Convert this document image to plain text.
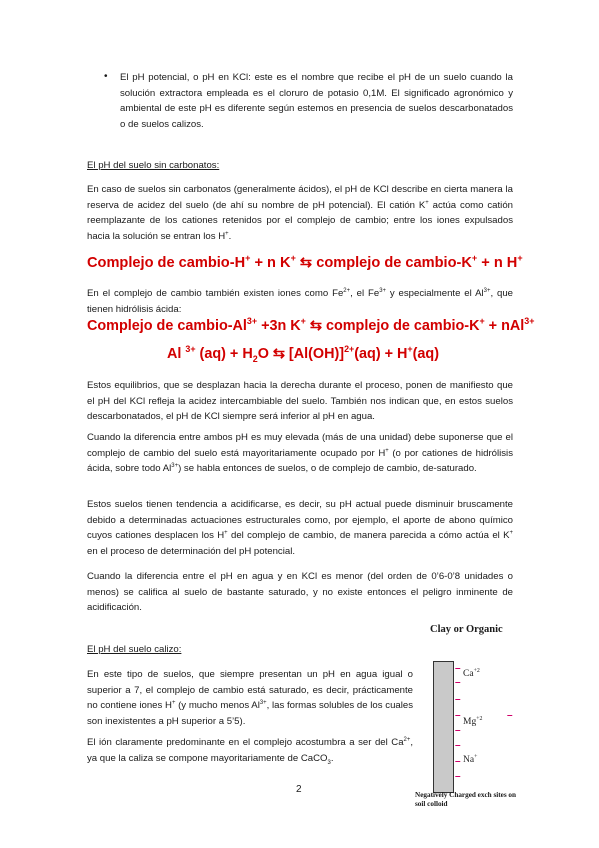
• El pH potencial, o pH en KCl: este es el nombre que recibe el pH de un suelo cuando la solución extractora empleada es el cloruro de potasio 0,1M. El significado agronómico y ambiental de este pH es diferente según estemos en presencia de suelos descarbonatados o de suelos calizos.

El pH del suelo sin carbonatos:

En caso de suelos sin carbonatos (generalmente ácidos), el pH de KCl describe en cierta manera la reserva de acidez del suelo (de ahí su nombre de pH potencial). El catión K+ actúa como catión reemplazante de los cationes retenidos por el complejo de cambio; entre los iones expulsados hacia la solución se entran los H+.

Complejo de cambio-H+ + n K+ ⇆ complejo de cambio-K+ + n H+

En el complejo de cambio también existen iones como $Fe^{2+}$, el $Fe^{3+}$ y especialmente el $Al^{3+}$, que tienen hidrólisis ácida:

Complejo de cambio-$Al^{3+} +3n$ K+ ⇆ complejo de cambio-K+ + nAl$^{3+}$
Al $^{3+}$ $(aq) + H_2O$ ⇆ $[Al(OH)]^{2+}(aq) + H^+(aq)$

Estos equilibrios, que se desplazan hacia la derecha durante el proceso, ponen de manifiesto que el pH del KCl refleja la acidez intercambiable del suelo. También nos indican que, en estos suelos descarbonatados, el pH de KCl siempre será inferior al pH en agua.

Cuando la diferencia entre ambos pH es muy elevada (más de una unidad) debe suponerse que el complejo de cambio del suelo está mayoritariamente ocupado por H+ (o por cationes de hidrólisis ácida, sobre todo $Al^{3+}$) se habla entonces de suelos, o de complejo de cambio, de-saturado.

Estos suelos tienen tendencia a acidificarse, es decir, su pH actual puede disminuir bruscamente debido a determinadas actuaciones estructurales como, por ejemplo, el aporte de abono químico cuyos cationes desplacen los H+ del complejo de cambio, de manera parecida a cómo actúa el K+ en el proceso de determinación del pH potencial.

Cuando la diferencia entre el pH en agua y en KCl es menor (del orden de 0’6-0’8 unidades o menos) se califica al suelo de bastante saturado, y no existe entonces el peligro inminente de acidificación.

El pH del suelo calizo:

En este tipo de suelos, que siempre presentan un pH en agua igual o superior a 7, el complejo de cambio está saturado, es decir, prácticamente no contiene iones H+ (y mucho menos $Al^{3+}$, las formas solubles de los cuales son inexistentes a pH superior a 5’5).

El ión claramente predominante en el complejo acostumbra a ser del $Ca^{2+}$, ya que la caliza se compone mayoritariamente de CaCO$_3$.

Clay or Organic
–
–
–
–
–
–
–
–
–
$Ca^{+2}$
$Mg^{+2}$
Na+
Negatively Charged exch sites on soil colloid
2
